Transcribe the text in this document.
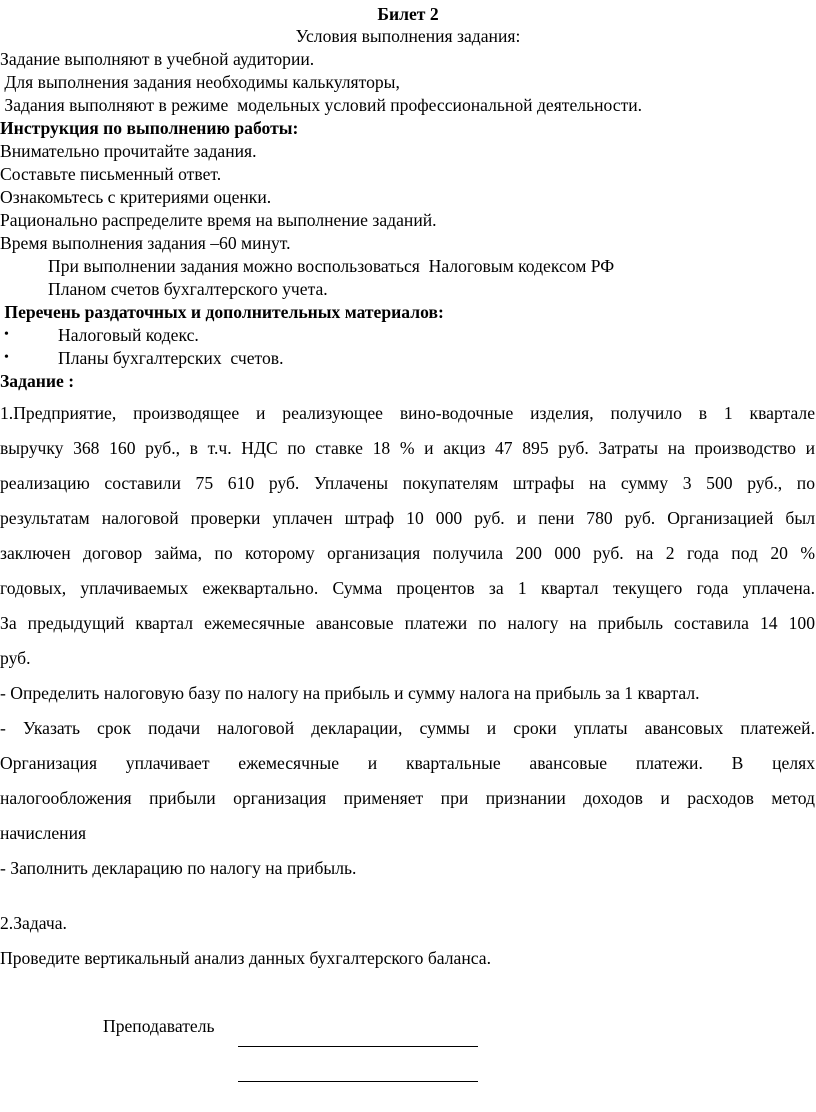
Билет 2
Условия выполнения задания:
Задание выполняют в учебной аудитории.
Для выполнения задания необходимы калькуляторы,
Задания выполняют в режиме  модельных условий профессиональной деятельности.
Инструкция по выполнению работы:
Внимательно прочитайте задания.
Составьте письменный ответ.
Ознакомьтесь с критериями оценки.
Рационально распределите время на выполнение заданий.
Время выполнения задания –60 минут.
При выполнении задания можно воспользоваться  Налоговым кодексом РФ
Планом счетов бухгалтерского учета.
Перечень раздаточных и дополнительных материалов:
•	Налоговый кодекс.
•	Планы бухгалтерских  счетов.
Задание :
1.Предприятие, производящее и реализующее вино-водочные изделия, получило в 1 квартале
выручку 368 160 руб., в т.ч. НДС по ставке 18 % и акциз 47 895 руб. Затраты на производство и
реализацию составили 75 610 руб. Уплачены покупателям штрафы на сумму 3 500 руб., по
результатам налоговой проверки уплачен штраф 10 000 руб. и пени 780 руб. Организацией был
заключен договор займа, по которому организация получила 200 000 руб. на 2 года под 20 %
годовых, уплачиваемых ежеквартально. Сумма процентов за 1 квартал текущего года уплачена.
За предыдущий квартал ежемесячные авансовые платежи по налогу на прибыль составила 14 100
руб.
- Определить налоговую базу по налогу на прибыль и сумму налога на прибыль за 1 квартал.
- Указать срок подачи налоговой декларации, суммы и сроки уплаты авансовых платежей.
Организация уплачивает ежемесячные и квартальные авансовые платежи. В целях
налогообложения прибыли организация применяет при признании доходов и расходов метод
начисления
- Заполнить декларацию по налогу на прибыль.
2.Задача.
Проведите вертикальный анализ данных бухгалтерского баланса.
Преподаватель
